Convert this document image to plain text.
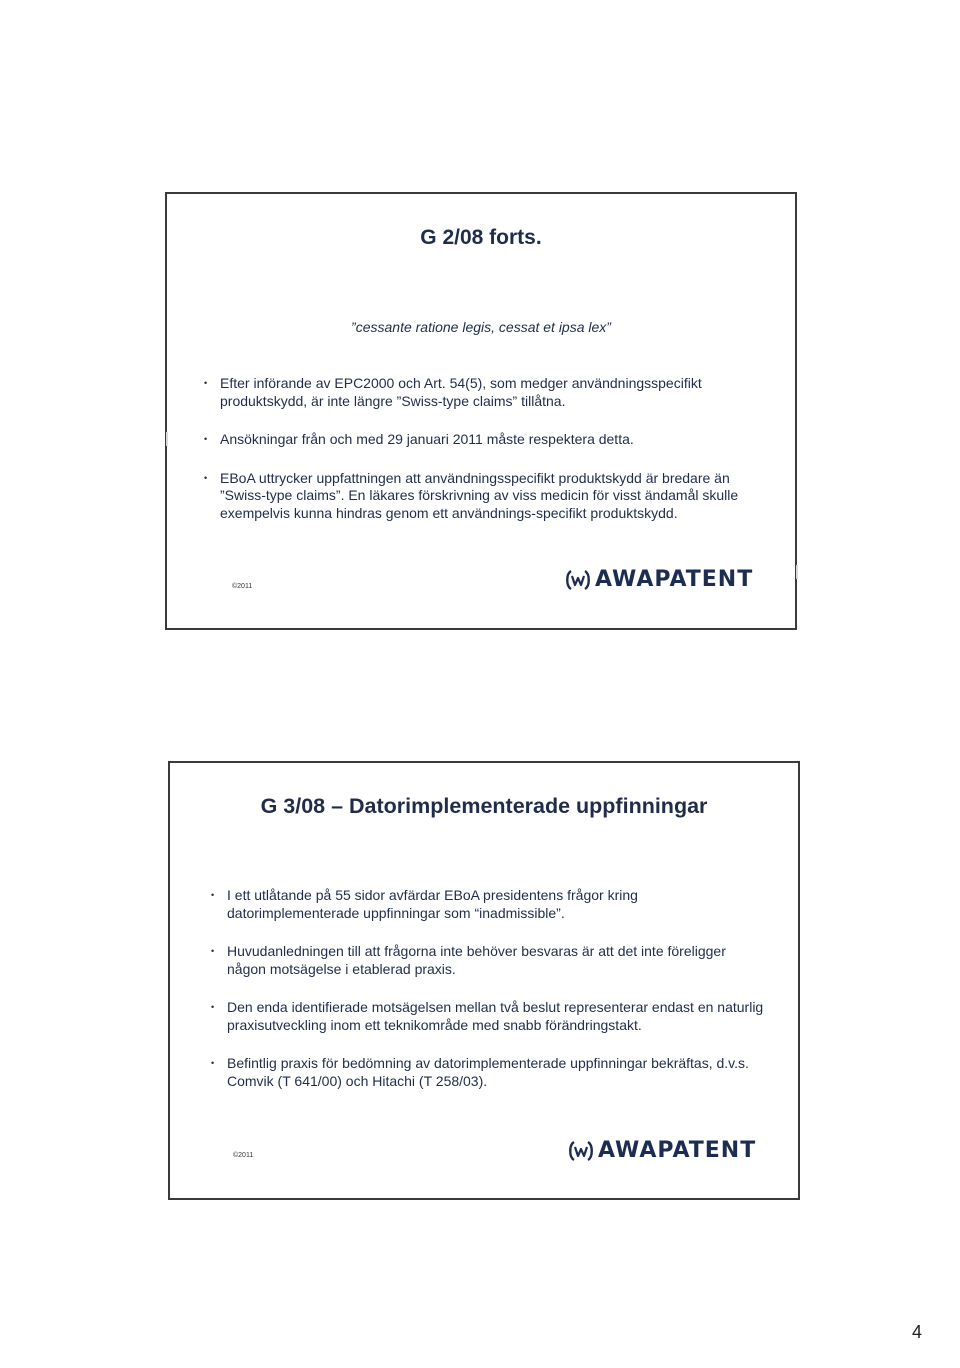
G 2/08 forts.
”cessante ratione legis, cessat et ipsa lex”
• Efter införande av EPC2000 och Art. 54(5), som medger användningsspecifikt produktskydd, är inte längre ”Swiss-type claims” tillåtna.
• Ansökningar från och med 29 januari 2011 måste respektera detta.
• EBoA uttrycker uppfattningen att användningsspecifikt produktskydd är bredare än ”Swiss-type claims”. En läkares förskrivning av viss medicin för visst ändamål skulle exempelvis kunna hindras genom ett användnings-specifikt produktskydd.
©2011	AWAPATENT
G 3/08 – Datorimplementerade uppfinningar
• I ett utlåtande på 55 sidor avfärdar EBoA presidentens frågor kring datorimplementerade uppfinningar som “inadmissible”.
• Huvudanledningen till att frågorna inte behöver besvaras är att det inte föreligger någon motsägelse i etablerad praxis.
• Den enda identifierade motsägelsen mellan två beslut representerar endast en naturlig praxisutveckling inom ett teknikområde med snabb förändringstakt.
• Befintlig praxis för bedömning av datorimplementerade uppfinningar bekräftas, d.v.s. Comvik (T 641/00) och Hitachi (T 258/03).
©2011	AWAPATENT
4
